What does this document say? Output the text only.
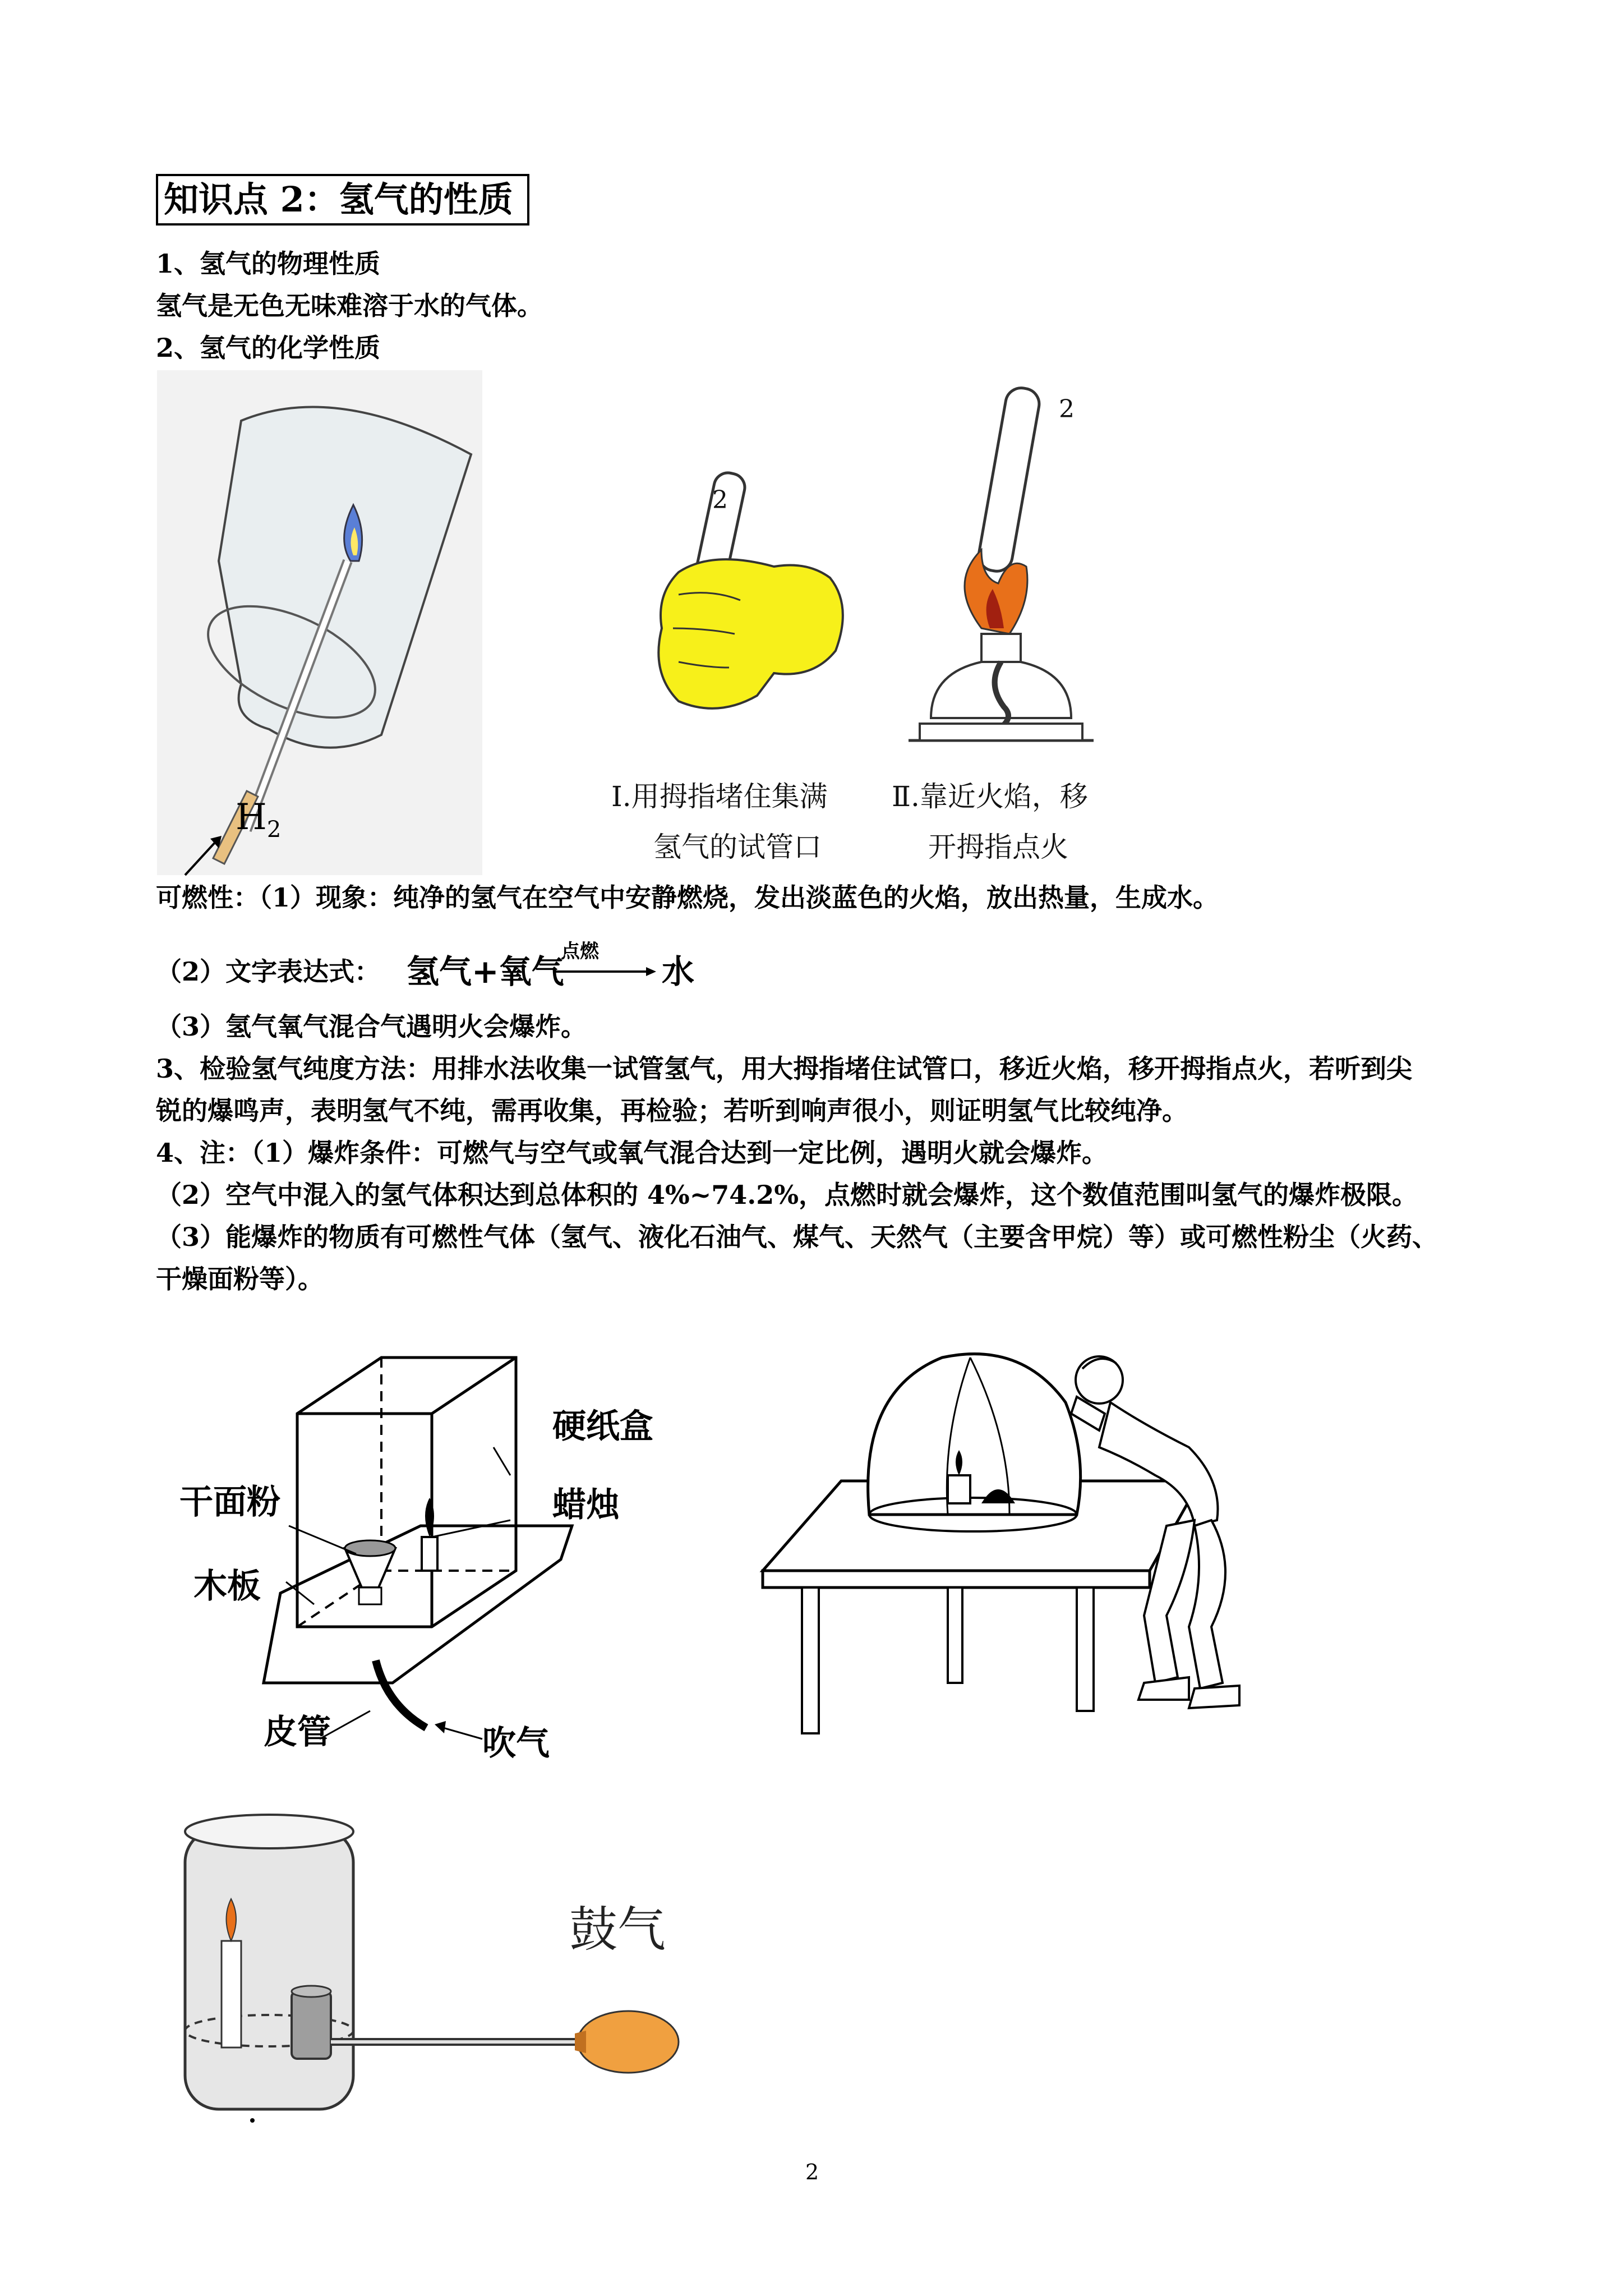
知识点 2：氢气的性质
1、氢气的物理性质
氢气是无色无味难溶于水的气体。
2、氢气的化学性质
$H_2$
2
2
Ⅰ.用拇指堵住集满
氢气的试管口
Ⅱ.靠近火焰，移
开拇指点火
可燃性：（1）现象：纯净的氢气在空气中安静燃烧，发出淡蓝色的火焰，放出热量，生成水。
（2）文字表达式： 氢气+氧气
点燃
水
（3）氢气氧气混合气遇明火会爆炸。
3、检验氢气纯度方法：用排水法收集一试管氢气，用大拇指堵住试管口，移近火焰，移开拇指点火，若听到尖
锐的爆鸣声，表明氢气不纯，需再收集，再检验；若听到响声很小，则证明氢气比较纯净。
4、注：（1）爆炸条件：可燃气与空气或氧气混合达到一定比例，遇明火就会爆炸。
（2）空气中混入的氢气体积达到总体积的 4%~74.2%，点燃时就会爆炸，这个数值范围叫氢气的爆炸极限。
（3）能爆炸的物质有可燃性气体（氢气、液化石油气、煤气、天然气（主要含甲烷）等）或可燃性粉尘（火药、
干燥面粉等）。
硬纸盒
干面粉	蜡烛
木板
皮管	吹气
鼓气
2
